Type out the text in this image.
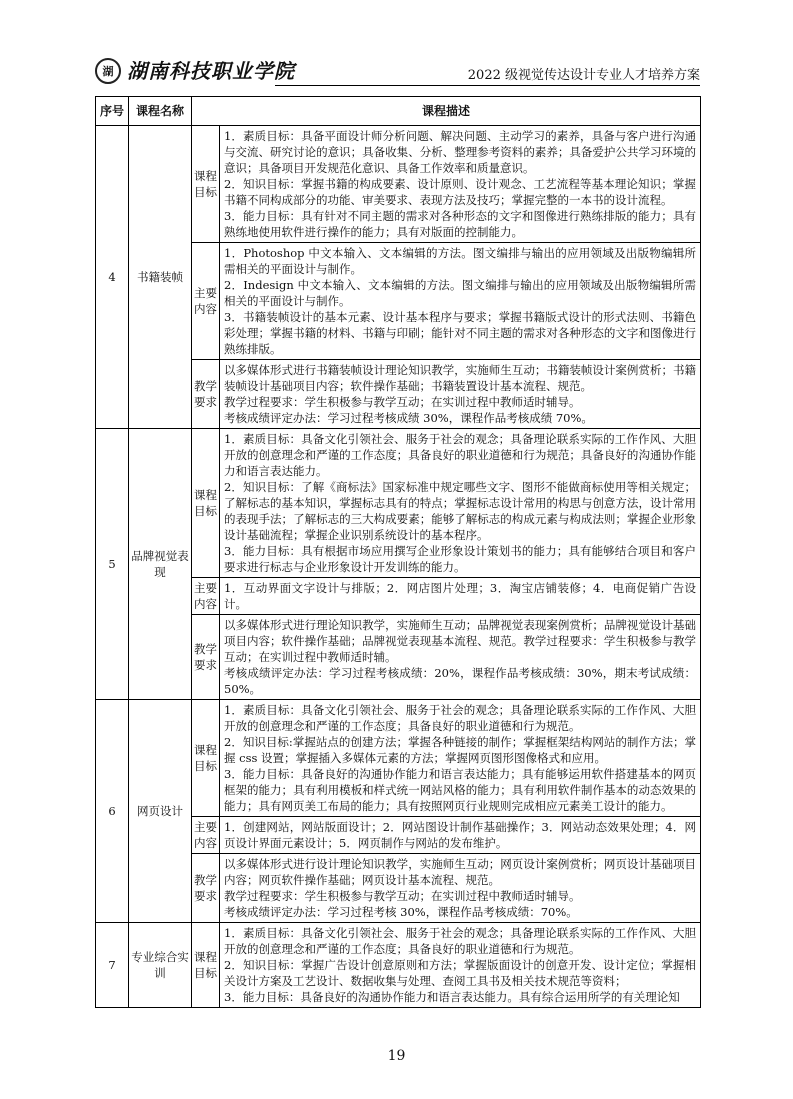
湖 湖南科技职业学院	2022 级视觉传达设计专业人才培养方案
序号	课程名称	课程描述	
4	书籍装帧	课程目标	1．素质目标：具备平面设计师分析问题、解决问题、主动学习的素养，具备与客户进行沟通与交流、研究讨论的意识；具备收集、分析、整理参考资料的素养；具备爱护公共学习环境的意识；具备项目开发规范化意识、具备工作效率和质量意识。
2．知识目标：掌握书籍的构成要素、设计原则、设计观念、工艺流程等基本理论知识；掌握书籍不同构成部分的功能、审美要求、表现方法及技巧；掌握完整的一本书的设计流程。
3．能力目标：具有针对不同主题的需求对各种形态的文字和图像进行熟练排版的能力；具有熟练地使用软件进行操作的能力；具有对版面的控制能力。

		主要内容	1．Photoshop 中文本输入、文本编辑的方法。图文编排与输出的应用领域及出版物编辑所需相关的平面设计与制作。
2．Indesign 中文本输入、文本编辑的方法。图文编排与输出的应用领域及出版物编辑所需相关的平面设计与制作。
3．书籍装帧设计的基本元素、设计基本程序与要求；掌握书籍版式设计的形式法则、书籍色彩处理；掌握书籍的材料、书籍与印刷；能针对不同主题的需求对各种形态的文字和图像进行熟练排版。

		教学要求	以多媒体形式进行书籍装帧设计理论知识教学，实施师生互动；书籍装帧设计案例赏析；书籍装帧设计基础项目内容；软件操作基础；书籍装置设计基本流程、规范。
教学过程要求：学生积极参与教学互动；在实训过程中教师适时辅导。
考核成绩评定办法：学习过程考核成绩 30%，课程作品考核成绩 70%。

5	品牌视觉表现	课程目标	1．素质目标：具备文化引领社会、服务于社会的观念；具备理论联系实际的工作作风、大胆开放的创意理念和严谨的工作态度；具备良好的职业道德和行为规范；具备良好的沟通协作能力和语言表达能力。
2．知识目标：了解《商标法》国家标准中规定哪些文字、图形不能做商标使用等相关规定；了解标志的基本知识，掌握标志具有的特点；掌握标志设计常用的构思与创意方法，设计常用的表现手法；了解标志的三大构成要素；能够了解标志的构成元素与构成法则；掌握企业形象设计基础流程；掌握企业识别系统设计的基本程序。
3．能力目标：具有根据市场应用撰写企业形象设计策划书的能力；具有能够结合项目和客户要求进行标志与企业形象设计开发训练的能力。

		主要内容	1．互动界面文字设计与排版；2．网店图片处理；3．淘宝店铺装修；4．电商促销广告设计。

		教学要求	以多媒体形式进行理论知识教学，实施师生互动；品牌视觉表现案例赏析；品牌视觉设计基础项目内容；软件操作基础；品牌视觉表现基本流程、规范。教学过程要求：学生积极参与教学互动；在实训过程中教师适时辅。
考核成绩评定办法：学习过程考核成绩：20%，课程作品考核成绩：30%，期末考试成绩：50%。

6	网页设计	课程目标	1．素质目标：具备文化引领社会、服务于社会的观念；具备理论联系实际的工作作风、大胆开放的创意理念和严谨的工作态度；具备良好的职业道德和行为规范。
2．知识目标:掌握站点的创建方法；掌握各种链接的制作；掌握框架结构网站的制作方法；掌握 css 设置；掌握插入多媒体元素的方法；掌握网页图形图像格式和应用。
3．能力目标：具备良好的沟通协作能力和语言表达能力；具有能够运用软件搭建基本的网页框架的能力；具有利用模板和样式统一网站风格的能力；具有利用软件制作基本的动态效果的能力；具有网页美工布局的能力；具有按照网页行业规则完成相应元素美工设计的能力。

		主要内容	1．创建网站，网站版面设计；2．网站图设计制作基础操作；3．网站动态效果处理；4．网页设计界面元素设计；5．网页制作与网站的发布维护。

		教学要求	以多媒体形式进行设计理论知识教学，实施师生互动；网页设计案例赏析；网页设计基础项目内容；网页软件操作基础；网页设计基本流程、规范。
教学过程要求：学生积极参与教学互动；在实训过程中教师适时辅导。
考核成绩评定办法：学习过程考核 30%，课程作品考核成绩：70%。

7	专业综合实训	课程目标	1．素质目标：具备文化引领社会、服务于社会的观念；具备理论联系实际的工作作风、大胆开放的创意理念和严谨的工作态度；具备良好的职业道德和行为规范。
2．知识目标：掌握广告设计创意原则和方法；掌握版面设计的创意开发、设计定位；掌握相关设计方案及工艺设计、数据收集与处理、查阅工具书及相关技术规范等资料；
3．能力目标：具备良好的沟通协作能力和语言表达能力。具有综合运用所学的有关理论知
19
